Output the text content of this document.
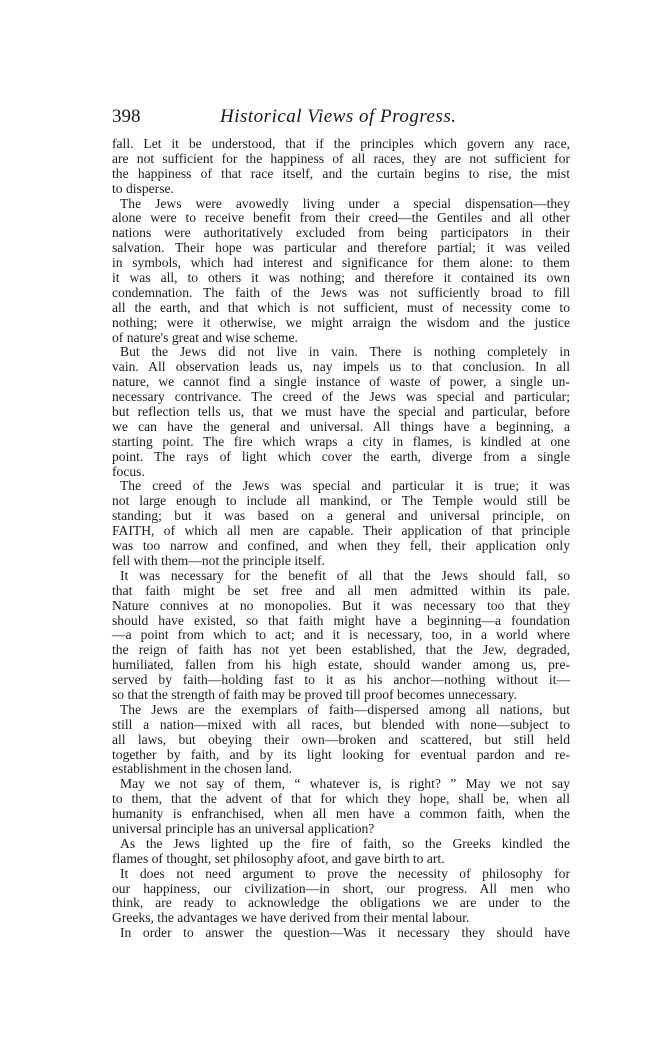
398	Historical Views of Progress.
fall. Let it be understood, that if the principles which govern any race,
are not sufficient for the happiness of all races, they are not sufficient for
the happiness of that race itself, and the curtain begins to rise, the mist
to disperse.
The Jews were avowedly living under a special dispensation—they
alone were to receive benefit from their creed—the Gentiles and all other
nations were authoritatively excluded from being participators in their
salvation. Their hope was particular and therefore partial; it was veiled
in symbols, which had interest and significance for them alone: to them
it was all, to others it was nothing; and therefore it contained its own
condemnation. The faith of the Jews was not sufficiently broad to fill
all the earth, and that which is not sufficient, must of necessity come to
nothing; were it otherwise, we might arraign the wisdom and the justice
of nature's great and wise scheme.
But the Jews did not live in vain. There is nothing completely in
vain. All observation leads us, nay impels us to that conclusion. In all
nature, we cannot find a single instance of waste of power, a single un-
necessary contrivance. The creed of the Jews was special and particular;
but reflection tells us, that we must have the special and particular, before
we can have the general and universal. All things have a beginning, a
starting point. The fire which wraps a city in flames, is kindled at one
point. The rays of light which cover the earth, diverge from a single
focus.
The creed of the Jews was special and particular it is true; it was
not large enough to include all mankind, or The Temple would still be
standing; but it was based on a general and universal principle, on
FAITH, of which all men are capable. Their application of that principle
was too narrow and confined, and when they fell, their application only
fell with them—not the principle itself.
It was necessary for the benefit of all that the Jews should fall, so
that faith might be set free and all men admitted within its pale.
Nature connives at no monopolies. But it was necessary too that they
should have existed, so that faith might have a beginning—a foundation
—a point from which to act; and it is necessary, too, in a world where
the reign of faith has not yet been established, that the Jew, degraded,
humiliated, fallen from his high estate, should wander among us, pre-
served by faith—holding fast to it as his anchor—nothing without it—
so that the strength of faith may be proved till proof becomes unnecessary.
The Jews are the exemplars of faith—dispersed among all nations, but
still a nation—mixed with all races, but blended with none—subject to
all laws, but obeying their own—broken and scattered, but still held
together by faith, and by its light looking for eventual pardon and re-
establishment in the chosen land.
May we not say of them, “ whatever is, is right? ” May we not say
to them, that the advent of that for which they hope, shall be, when all
humanity is enfranchised, when all men have a common faith, when the
universal principle has an universal application?
As the Jews lighted up the fire of faith, so the Greeks kindled the
flames of thought, set philosophy afoot, and gave birth to art.
It does not need argument to prove the necessity of philosophy for
our happiness, our civilization—in short, our progress. All men who
think, are ready to acknowledge the obligations we are under to the
Greeks, the advantages we have derived from their mental labour.
In order to answer the question—Was it necessary they should have
